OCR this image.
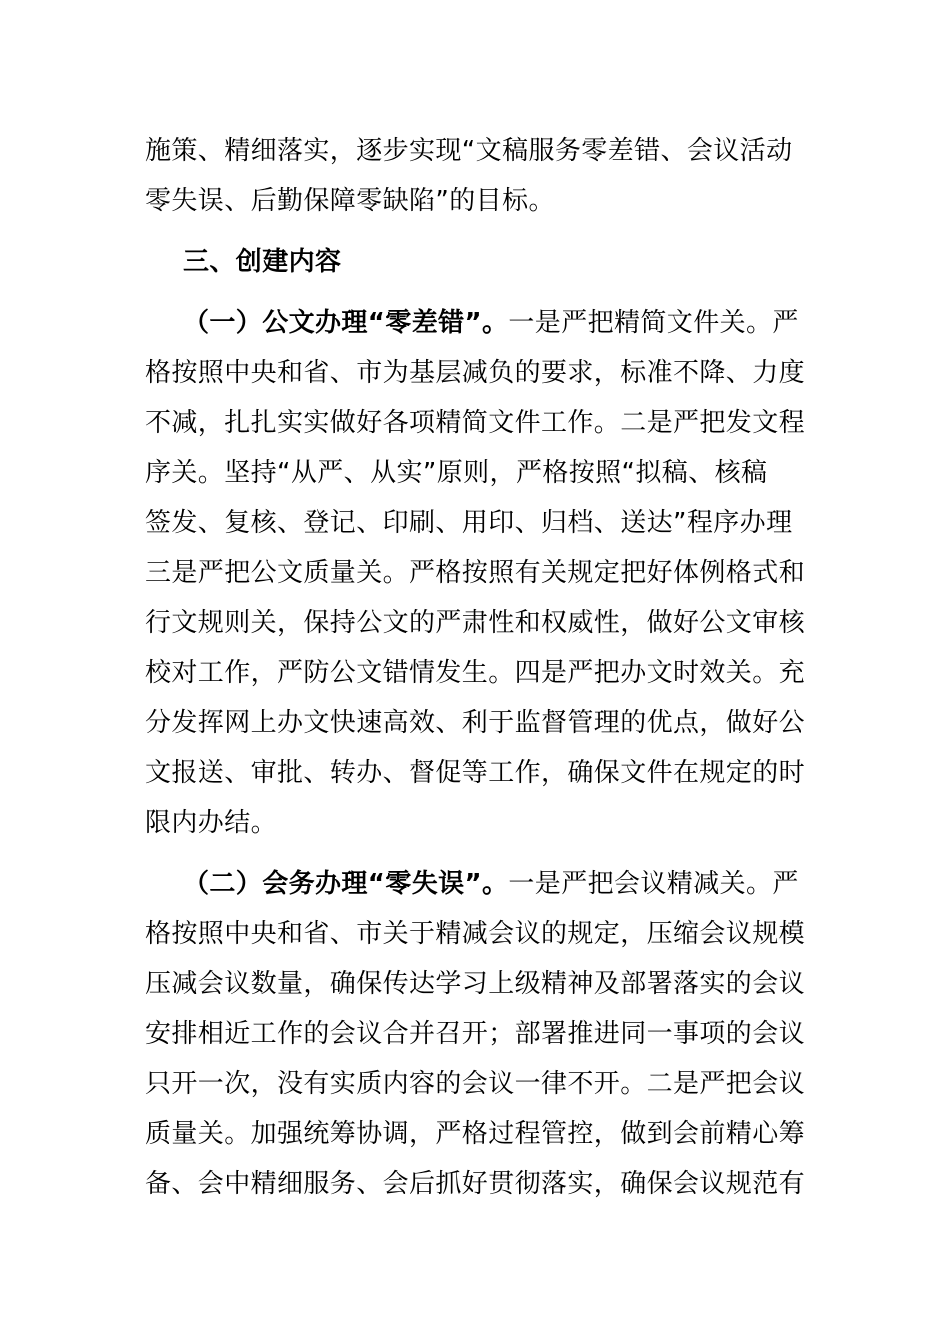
施策、精细落实，逐步实现“文稿服务零差错、会议活动
零失误、后勤保障零缺陷”的目标。
三、创建内容
（一）公文办理“零差错”。一是严把精简文件关。严
格按照中央和省、市为基层减负的要求，标准不降、力度
不减，扎扎实实做好各项精简文件工作。二是严把发文程
序关。坚持“从严、从实”原则，严格按照“拟稿、核稿
签发、复核、登记、印刷、用印、归档、送达”程序办理
三是严把公文质量关。严格按照有关规定把好体例格式和
行文规则关，保持公文的严肃性和权威性，做好公文审核
校对工作，严防公文错情发生。四是严把办文时效关。充
分发挥网上办文快速高效、利于监督管理的优点，做好公
文报送、审批、转办、督促等工作，确保文件在规定的时
限内办结。
（二）会务办理“零失误”。一是严把会议精减关。严
格按照中央和省、市关于精减会议的规定，压缩会议规模
压减会议数量，确保传达学习上级精神及部署落实的会议
安排相近工作的会议合并召开；部署推进同一事项的会议
只开一次，没有实质内容的会议一律不开。二是严把会议
质量关。加强统筹协调，严格过程管控，做到会前精心筹
备、会中精细服务、会后抓好贯彻落实，确保会议规范有
